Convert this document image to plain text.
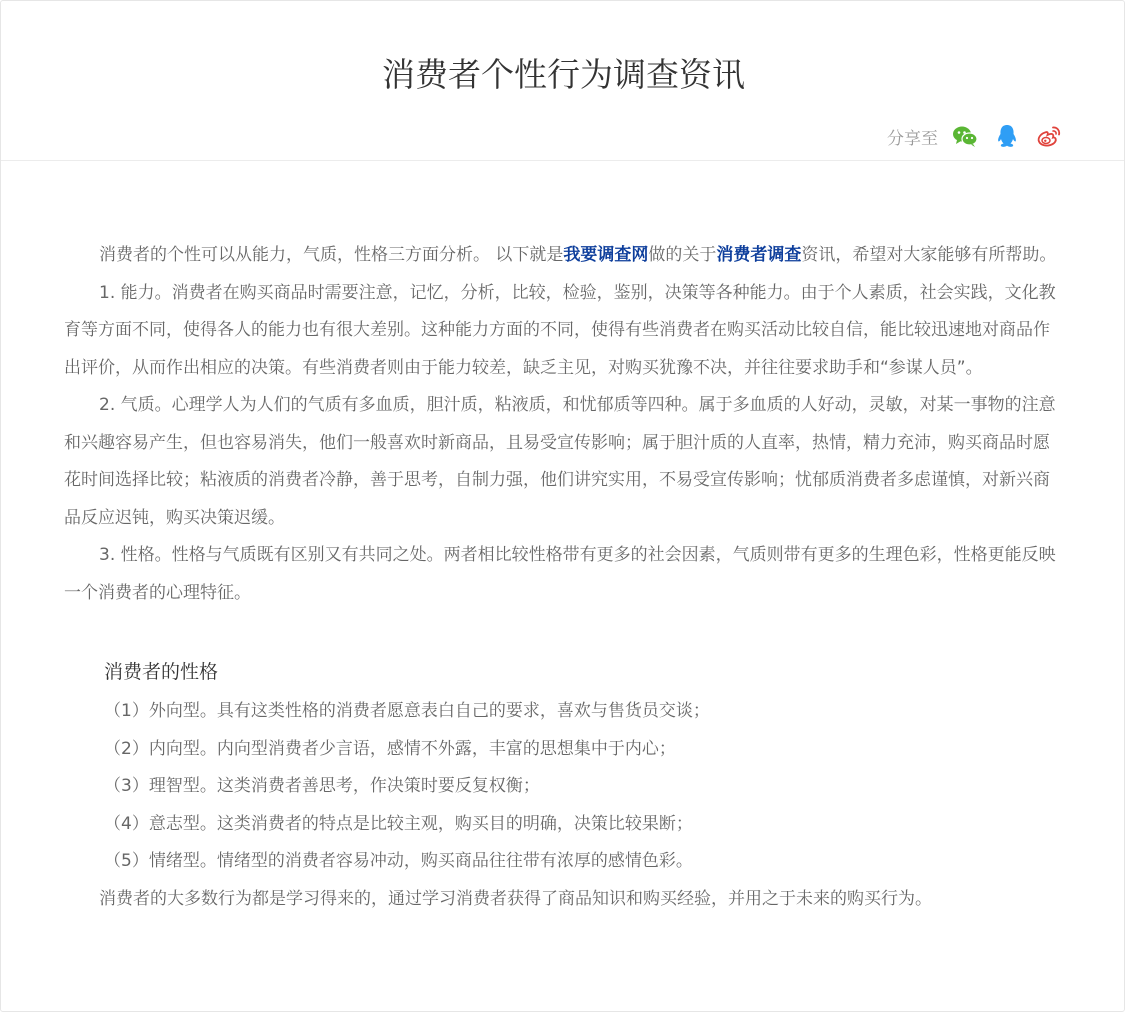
消费者个性行为调查资讯
分享至

消费者的个性可以从能力，气质，性格三方面分析。 以下就是我要调查网做的关于消费者调查资讯，希望对大家能够有所帮助。

1. 能力。消费者在购买商品时需要注意，记忆，分析，比较，检验，鉴别，决策等各种能力。由于个人素质，社会实践，文化教育等方面不同，使得各人的能力也有很大差别。这种能力方面的不同，使得有些消费者在购买活动比较自信，能比较迅速地对商品作出评价，从而作出相应的决策。有些消费者则由于能力较差，缺乏主见，对购买犹豫不决，并往往要求助手和“参谋人员”。

2. 气质。心理学人为人们的气质有多血质，胆汁质，粘液质，和忧郁质等四种。属于多血质的人好动，灵敏，对某一事物的注意和兴趣容易产生，但也容易消失，他们一般喜欢时新商品，且易受宣传影响；属于胆汁质的人直率，热情，精力充沛，购买商品时愿花时间选择比较；粘液质的消费者冷静，善于思考，自制力强，他们讲究实用，不易受宣传影响；忧郁质消费者多虑谨慎，对新兴商品反应迟钝，购买决策迟缓。

3. 性格。性格与气质既有区别又有共同之处。两者相比较性格带有更多的社会因素，气质则带有更多的生理色彩，性格更能反映一个消费者的心理特征。

消费者的性格

（1）外向型。具有这类性格的消费者愿意表白自己的要求，喜欢与售货员交谈；

（2）内向型。内向型消费者少言语，感情不外露，丰富的思想集中于内心；

（3）理智型。这类消费者善思考，作决策时要反复权衡；

（4）意志型。这类消费者的特点是比较主观，购买目的明确，决策比较果断；

（5）情绪型。情绪型的消费者容易冲动，购买商品往往带有浓厚的感情色彩。

消费者的大多数行为都是学习得来的，通过学习消费者获得了商品知识和购买经验，并用之于未来的购买行为。
